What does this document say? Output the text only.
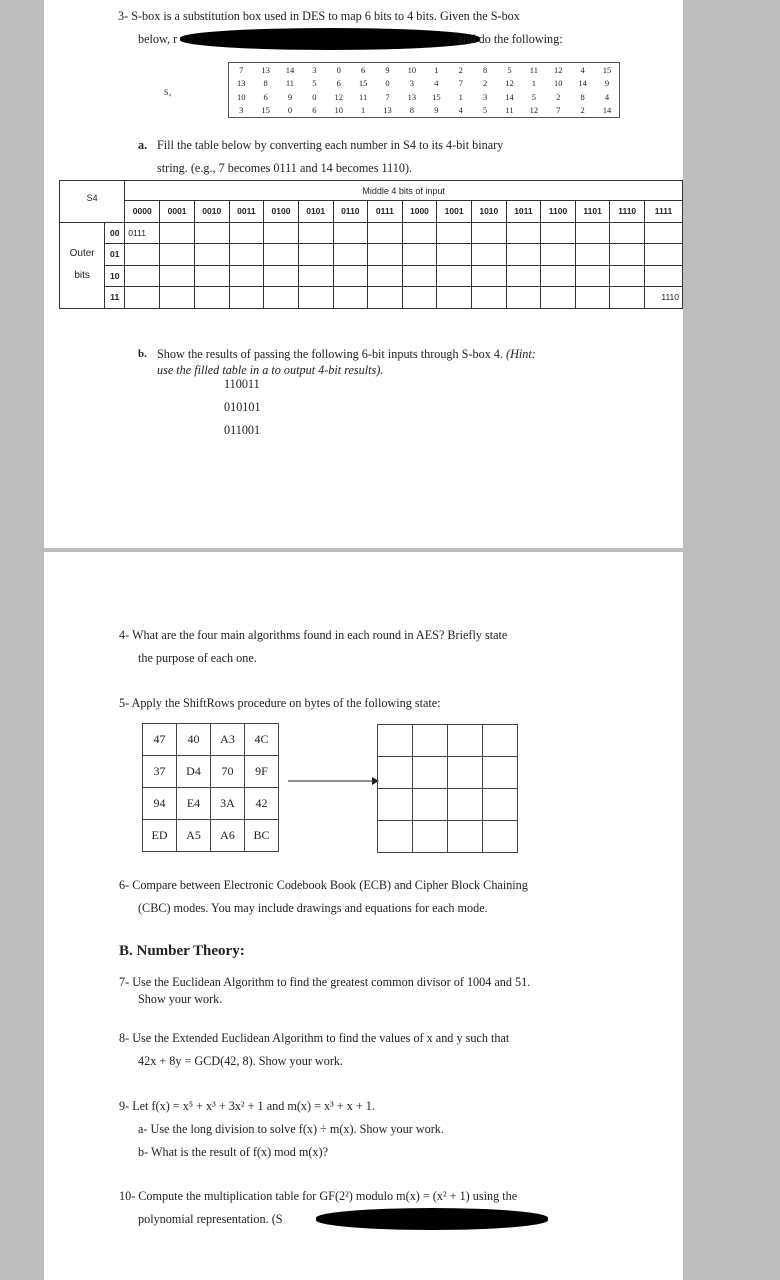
3- S-box is a substitution box used in DES to map 6 bits to 4 bits. Given the S-box
below, r	and do the following:
S₄
7	13	14	3	0	6	9	10	1	2	8	5	11	12	4	15
13	8	11	5	6	15	0	3	4	7	2	12	1	10	14	9
10	6	9	0	12	11	7	13	15	1	3	14	5	2	8	4
3	15	0	6	10	1	13	8	9	4	5	11	12	7	2	14
a. Fill the table below by converting each number in S4 to its 4-bit binary
string. (e.g., 7 becomes 0111 and 14 becomes 1110).
S4		Middle 4 bits of input															
		0000	0001	0010	0011	0100	0101	0110	0111	1000	1001	1010	1011	1100	1101	1110	1111

Outer
bits	00	0111															
	01																
	10																
	11																1110
b. Show the results of passing the following 6-bit inputs through S-box 4. (Hint:
use the filled table in a to output 4-bit results).
110011
010101
011001
4- What are the four main algorithms found in each round in AES? Briefly state
the purpose of each one.
5- Apply the ShiftRows procedure on bytes of the following state:
47	40	A3	4C
37	D4	70	9F
94	E4	3A	42
ED	A5	A6	BC

6- Compare between Electronic Codebook Book (ECB) and Cipher Block Chaining
(CBC) modes. You may include drawings and equations for each mode.
B. Number Theory:
7- Use the Euclidean Algorithm to find the greatest common divisor of 1004 and 51.
Show your work.
8- Use the Extended Euclidean Algorithm to find the values of x and y such that
42x + 8y = GCD(42, 8). Show your work.
9- Let f(x) = x⁵ + x³ + 3x² + 1 and m(x) = x³ + x + 1.
a- Use the long division to solve f(x) ÷ m(x). Show your work.
b- What is the result of f(x) mod m(x)?
10- Compute the multiplication table for GF(2²) modulo m(x) = (x² + 1) using the
polynomial representation. (S
